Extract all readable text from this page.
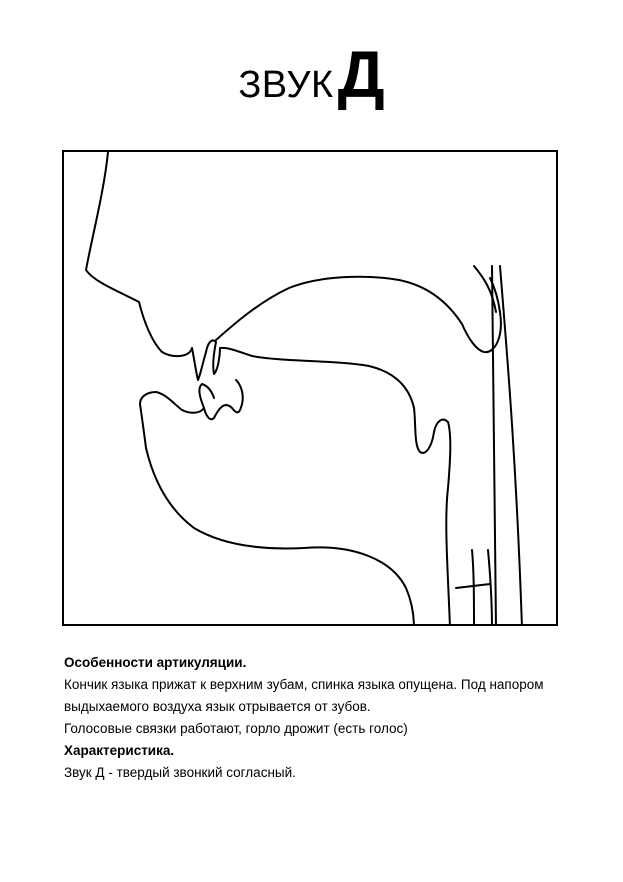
ЗВУКД

Особенности артикуляции.

Кончик языка прижат к верхним зубам, спинка языка опущена. Под напором

выдыхаемого воздуха язык отрывается от зубов.

Голосовые связки работают, горло дрожит (есть голос)

Характеристика.

Звук Д - твердый звонкий согласный.
